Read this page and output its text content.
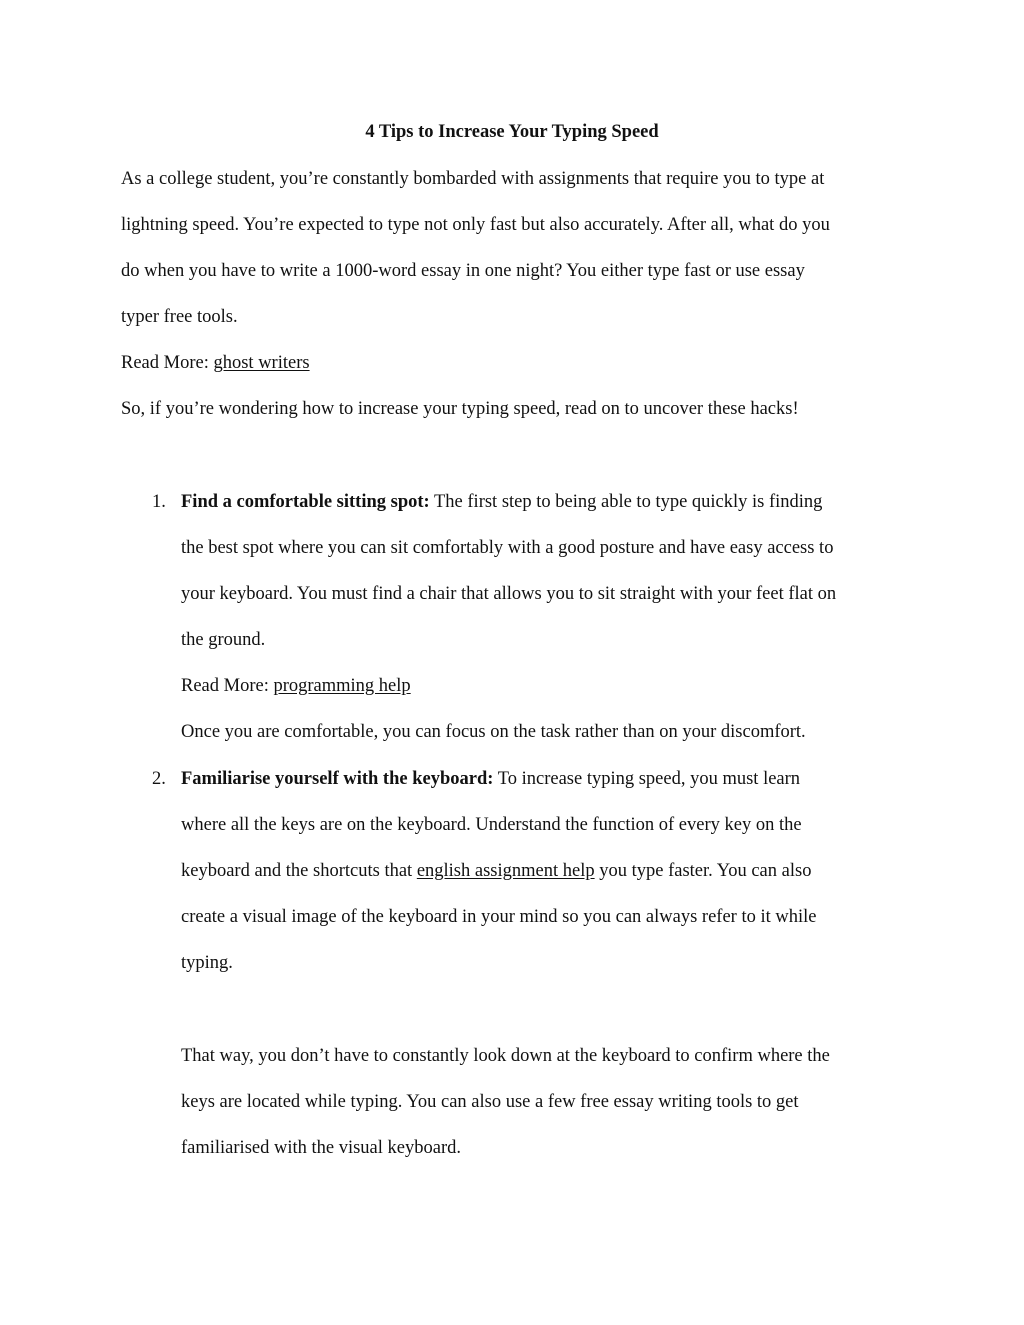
4 Tips to Increase Your Typing Speed
As a college student, you’re constantly bombarded with assignments that require you to type at
lightning speed. You’re expected to type not only fast but also accurately. After all, what do you
do when you have to write a 1000-word essay in one night? You either type fast or use essay
typer free tools.
Read More: ghost writers
So, if you’re wondering how to increase your typing speed, read on to uncover these hacks!
1. Find a comfortable sitting spot: The first step to being able to type quickly is finding
the best spot where you can sit comfortably with a good posture and have easy access to
your keyboard. You must find a chair that allows you to sit straight with your feet flat on
the ground.
Read More: programming help
Once you are comfortable, you can focus on the task rather than on your discomfort.
2. Familiarise yourself with the keyboard: To increase typing speed, you must learn
where all the keys are on the keyboard. Understand the function of every key on the
keyboard and the shortcuts that english assignment help you type faster. You can also
create a visual image of the keyboard in your mind so you can always refer to it while
typing.
That way, you don’t have to constantly look down at the keyboard to confirm where the
keys are located while typing. You can also use a few free essay writing tools to get
familiarised with the visual keyboard.
